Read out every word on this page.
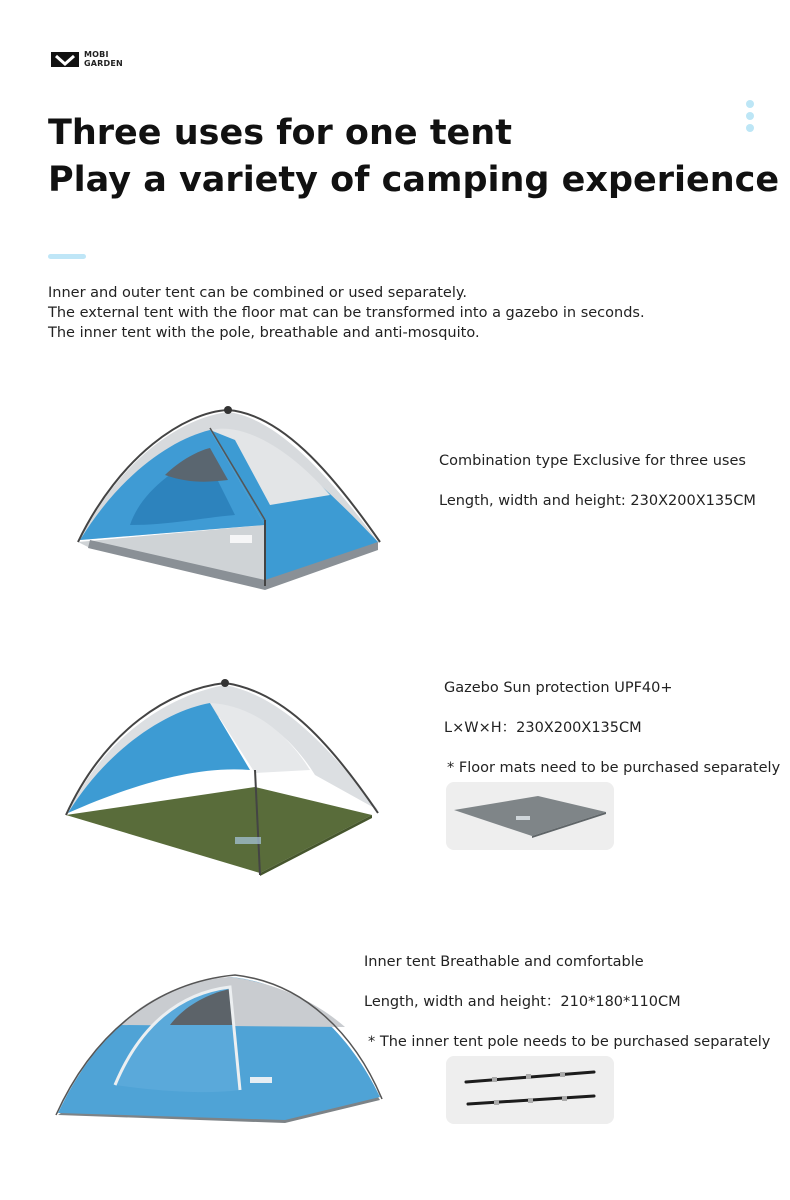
MOBI
GARDEN
Three uses for one tent
Play a variety of camping experience
Inner and outer tent can be combined or used separately.
The external tent with the floor mat can be transformed into a gazebo in seconds.
The inner tent with the pole, breathable and anti-mosquito.
Combination type Exclusive for three uses
Length, width and height: 230X200X135CM
Gazebo Sun protection UPF40+
L×W×H：230X200X135CM
* Floor mats need to be purchased separately
Inner tent Breathable and comfortable
Length, width and height：210*180*110CM
* The inner tent pole needs to be purchased separately
